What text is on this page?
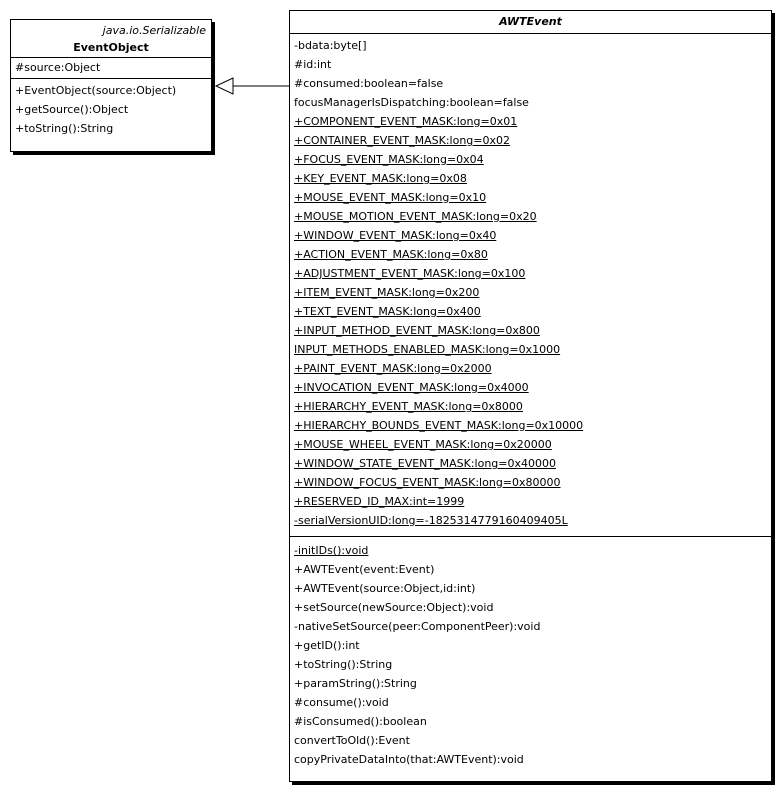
java.io.Serializable
EventObject
#source:Object
+EventObject(source:Object)
+getSource():Object
+toString():String
AWTEvent
-bdata:byte[]
#id:int
#consumed:boolean=false
focusManagerIsDispatching:boolean=false
+COMPONENT_EVENT_MASK:long=0x01
+CONTAINER_EVENT_MASK:long=0x02
+FOCUS_EVENT_MASK:long=0x04
+KEY_EVENT_MASK:long=0x08
+MOUSE_EVENT_MASK:long=0x10
+MOUSE_MOTION_EVENT_MASK:long=0x20
+WINDOW_EVENT_MASK:long=0x40
+ACTION_EVENT_MASK:long=0x80
+ADJUSTMENT_EVENT_MASK:long=0x100
+ITEM_EVENT_MASK:long=0x200
+TEXT_EVENT_MASK:long=0x400
+INPUT_METHOD_EVENT_MASK:long=0x800
INPUT_METHODS_ENABLED_MASK:long=0x1000
+PAINT_EVENT_MASK:long=0x2000
+INVOCATION_EVENT_MASK:long=0x4000
+HIERARCHY_EVENT_MASK:long=0x8000
+HIERARCHY_BOUNDS_EVENT_MASK:long=0x10000
+MOUSE_WHEEL_EVENT_MASK:long=0x20000
+WINDOW_STATE_EVENT_MASK:long=0x40000
+WINDOW_FOCUS_EVENT_MASK:long=0x80000
+RESERVED_ID_MAX:int=1999
-serialVersionUID:long=-1825314779160409405L
-initIDs():void
+AWTEvent(event:Event)
+AWTEvent(source:Object,id:int)
+setSource(newSource:Object):void
-nativeSetSource(peer:ComponentPeer):void
+getID():int
+toString():String
+paramString():String
#consume():void
#isConsumed():boolean
convertToOld():Event
copyPrivateDataInto(that:AWTEvent):void
